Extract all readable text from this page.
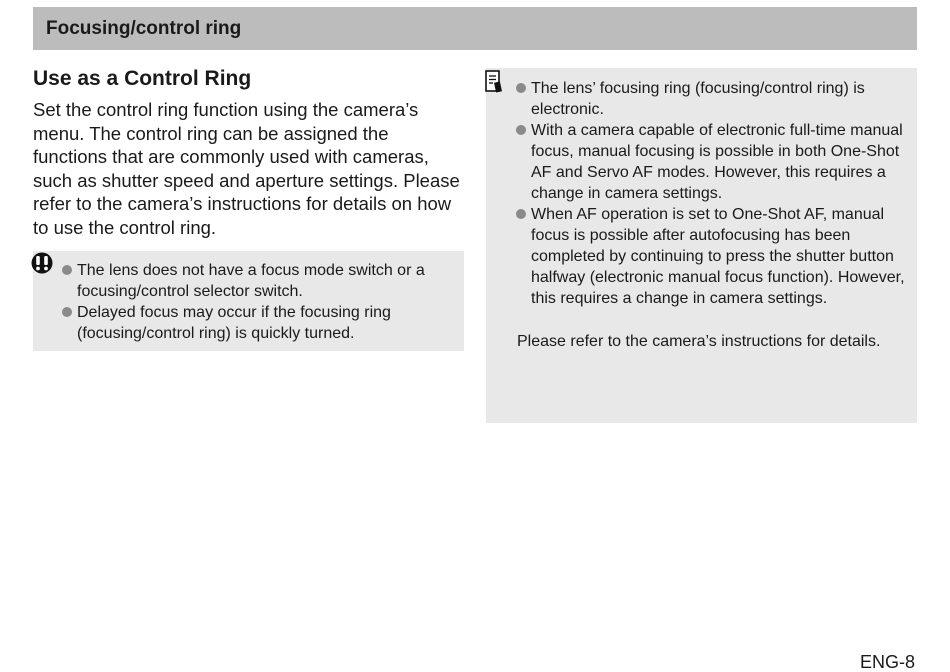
Focusing/control ring
Use as a Control Ring

Set the control ring function using the camera’s menu. The control ring can be assigned the functions that are commonly used with cameras, such as shutter speed and aperture settings. Please refer to the camera’s instructions for details on how to use the control ring.

The lens does not have a focus mode switch or a focusing/control selector switch.
Delayed focus may occur if the focusing ring (focusing/control ring) is quickly turned.
The lens’ focusing ring (focusing/control ring) is electronic.
With a camera capable of electronic full-time manual focus, manual focusing is possible in both One-Shot AF and Servo AF modes. However, this requires a change in camera settings.
When AF operation is set to One-Shot AF, manual focus is possible after autofocusing has been completed by continuing to press the shutter button halfway (electronic manual focus function). However, this requires a change in camera settings.

Please refer to the camera’s instructions for details.

ENG-8
